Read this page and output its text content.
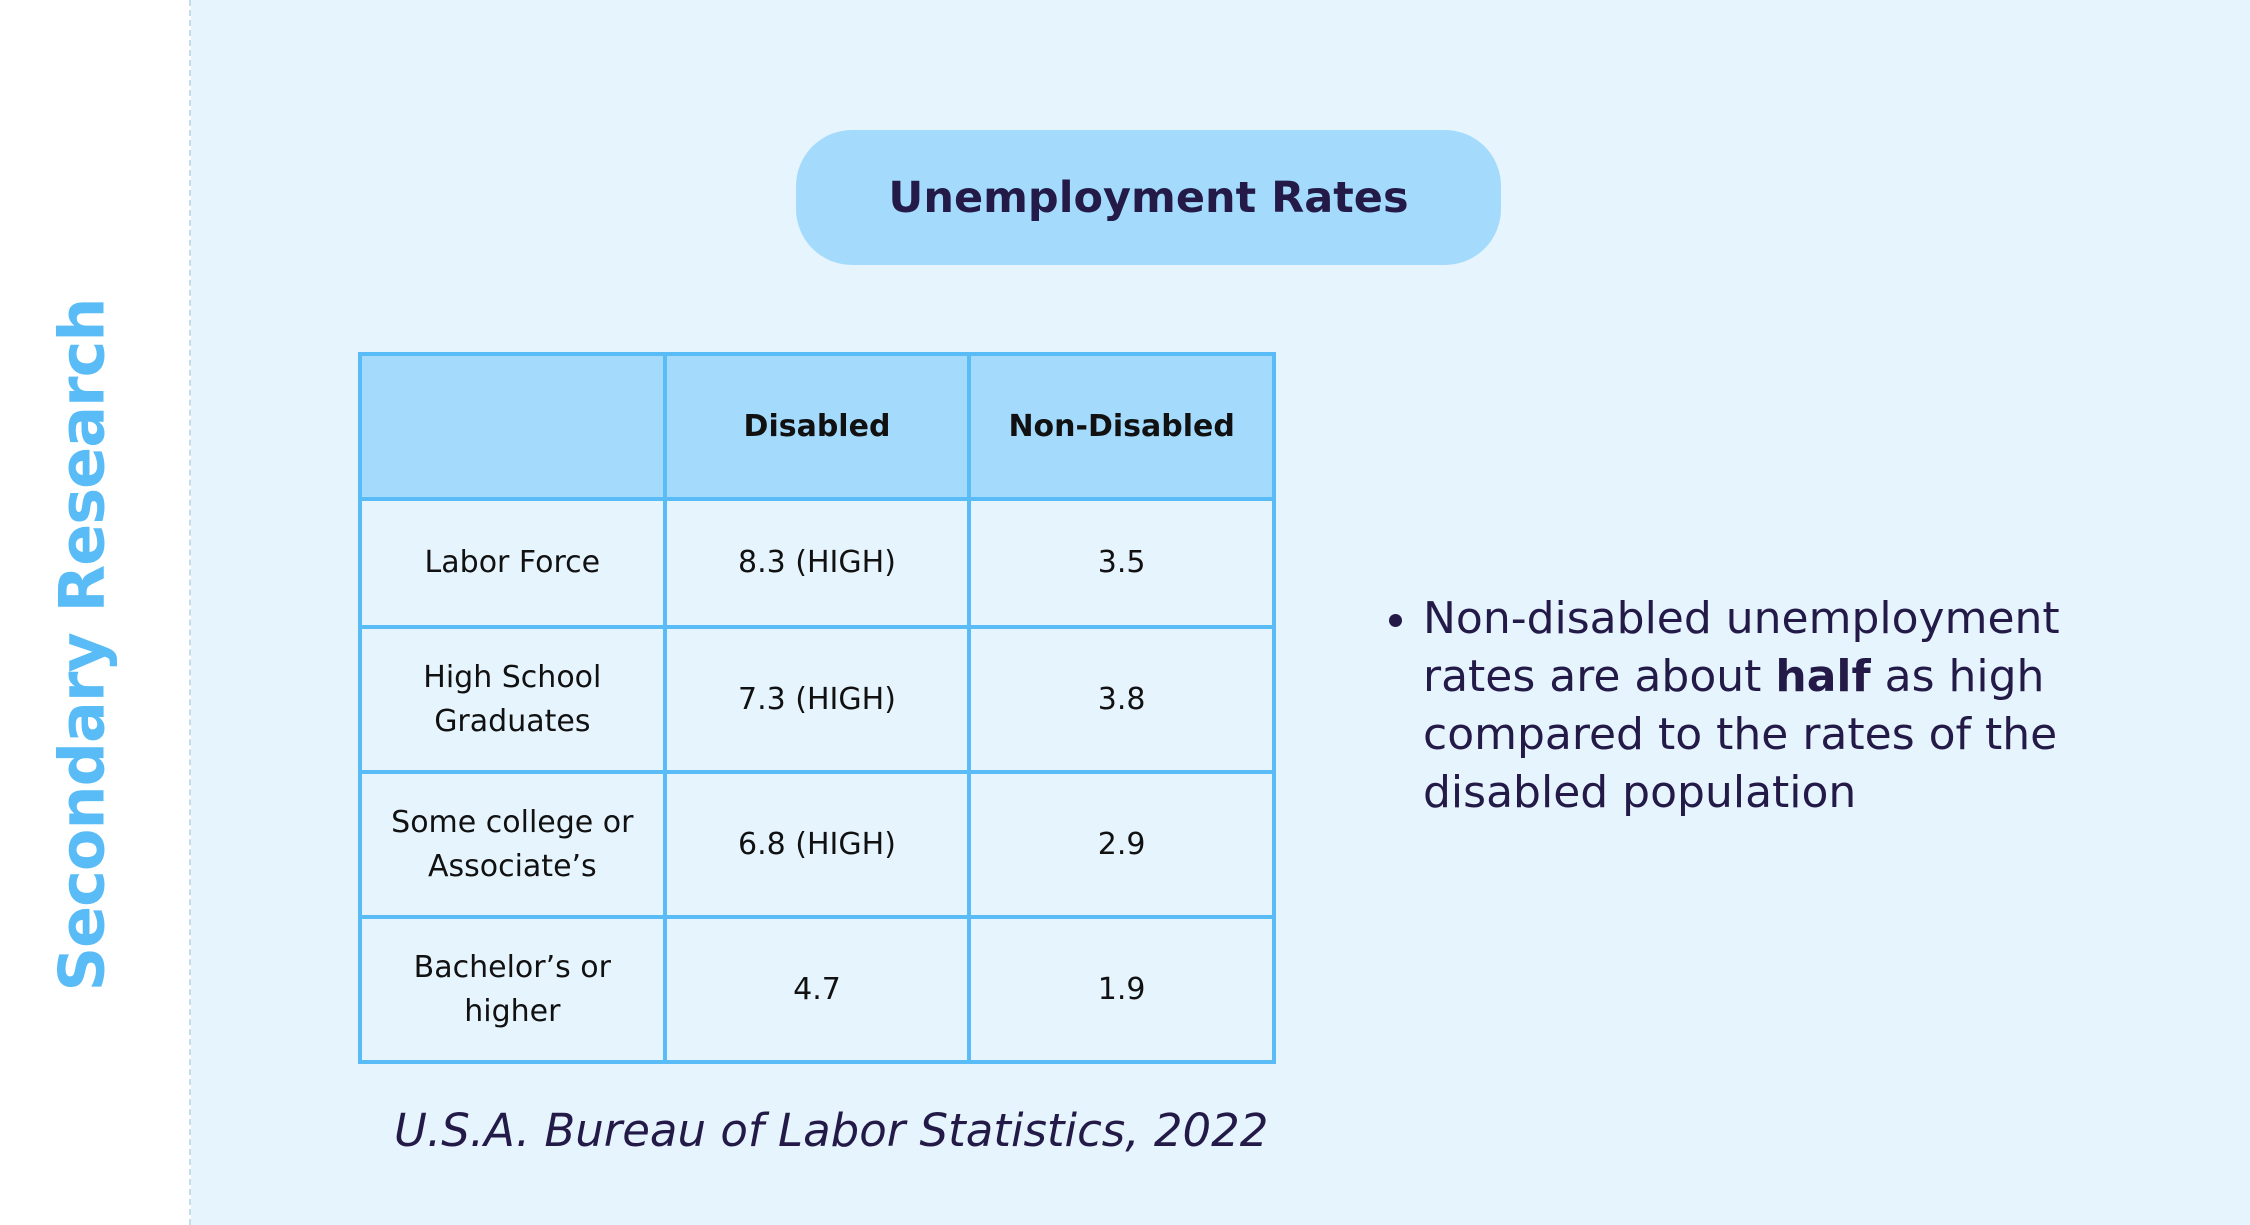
Secondary Research
Unemployment Rates
	Disabled	Non-Disabled
Labor Force	8.3 (HIGH)	3.5
High School
Graduates	7.3 (HIGH)	3.8
Some college or
Associate’s	6.8 (HIGH)	2.9
Bachelor’s or
higher	4.7	1.9
U.S.A. Bureau of Labor Statistics, 2022
Non-disabled unemployment rates are about half as high compared to the rates of the disabled population
